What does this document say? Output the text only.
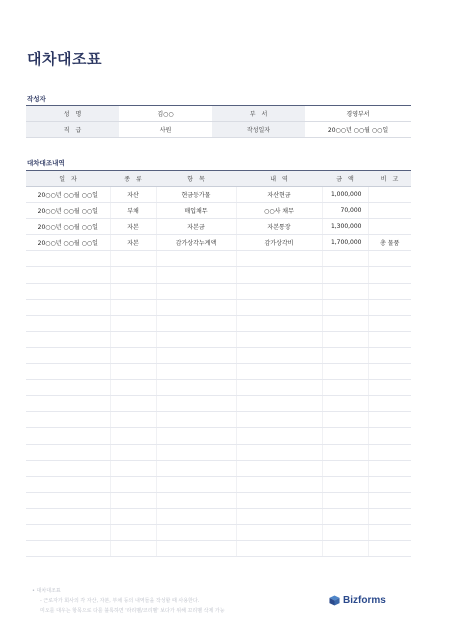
대차대조표
작성자
성　명	김○○	부　서	경영부서
직　급	사원	작성일자	20○○년 ○○월 ○○일
대차대조내역
일　자	종　류	항　목	내　역	금　액	비　고
20○○년 ○○월 ○○일	자산	현금등가물	자산현금	1,000,000	
20○○년 ○○월 ○○일	부채	매입채무	○○사 채무	70,000	
20○○년 ○○월 ○○일	자본	자본금	자본통장	1,300,000	
20○○년 ○○월 ○○일	자본	감가상각누계액	감가상각비	1,700,000	총 물품

• 대차대조표
- 근로자가 회사의 각 자산, 자본, 부채 등의 내역들을 작성할 때 사용한다.
미오를 대우는 항목으로 다를 블록하면 '라리벨/코리벨' 보다가 위해 꼬리벨 삭제 가능
Bizforms
